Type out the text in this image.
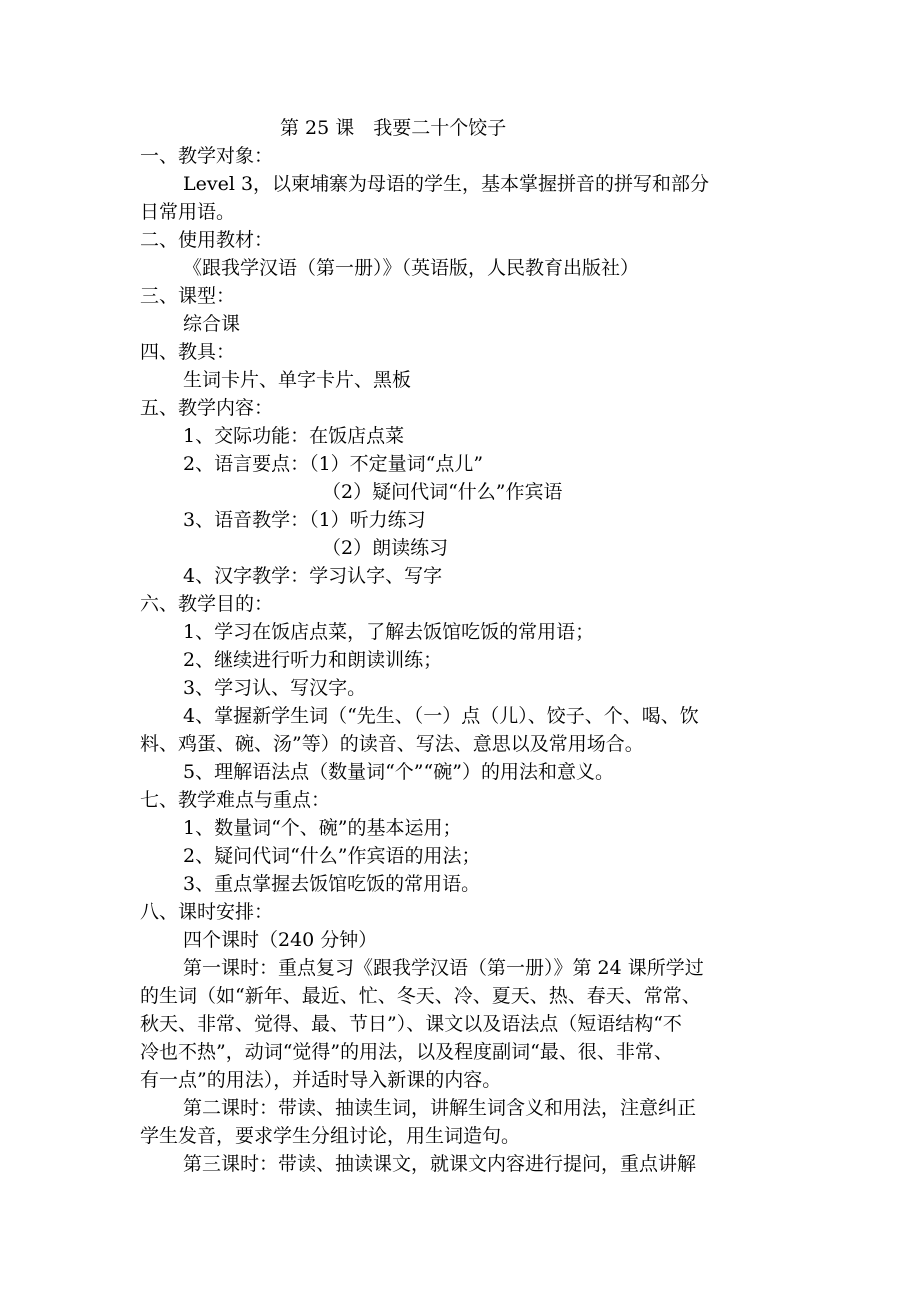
第 25 课　我要二十个饺子
一、教学对象：
Level 3，以柬埔寨为母语的学生，基本掌握拼音的拼写和部分
日常用语。
二、使用教材：
《跟我学汉语（第一册）》（英语版，人民教育出版社）
三、课型：
综合课
四、教具：
生词卡片、单字卡片、黑板
五、教学内容：
1、交际功能：在饭店点菜
2、语言要点：（1）不定量词“点儿”
（2）疑问代词“什么”作宾语
3、语音教学：（1）听力练习
（2）朗读练习
4、汉字教学：学习认字、写字
六、教学目的：
1、学习在饭店点菜，了解去饭馆吃饭的常用语；
2、继续进行听力和朗读训练；
3、学习认、写汉字。
4、掌握新学生词（“先生、（一）点（儿）、饺子、个、喝、饮
料、鸡蛋、碗、汤”等）的读音、写法、意思以及常用场合。
5、理解语法点（数量词“个”“碗”）的用法和意义。
七、教学难点与重点：
1、数量词“个、碗”的基本运用；
2、疑问代词“什么”作宾语的用法；
3、重点掌握去饭馆吃饭的常用语。
八、课时安排：
四个课时（240 分钟）
第一课时：重点复习《跟我学汉语（第一册）》第 24 课所学过
的生词（如“新年、最近、忙、冬天、冷、夏天、热、春天、常常、
秋天、非常、觉得、最、节日”）、课文以及语法点（短语结构“不
冷也不热”，动词“觉得”的用法，以及程度副词“最、很、非常、
有一点”的用法），并适时导入新课的内容。
第二课时：带读、抽读生词，讲解生词含义和用法，注意纠正
学生发音，要求学生分组讨论，用生词造句。
第三课时：带读、抽读课文，就课文内容进行提问，重点讲解
